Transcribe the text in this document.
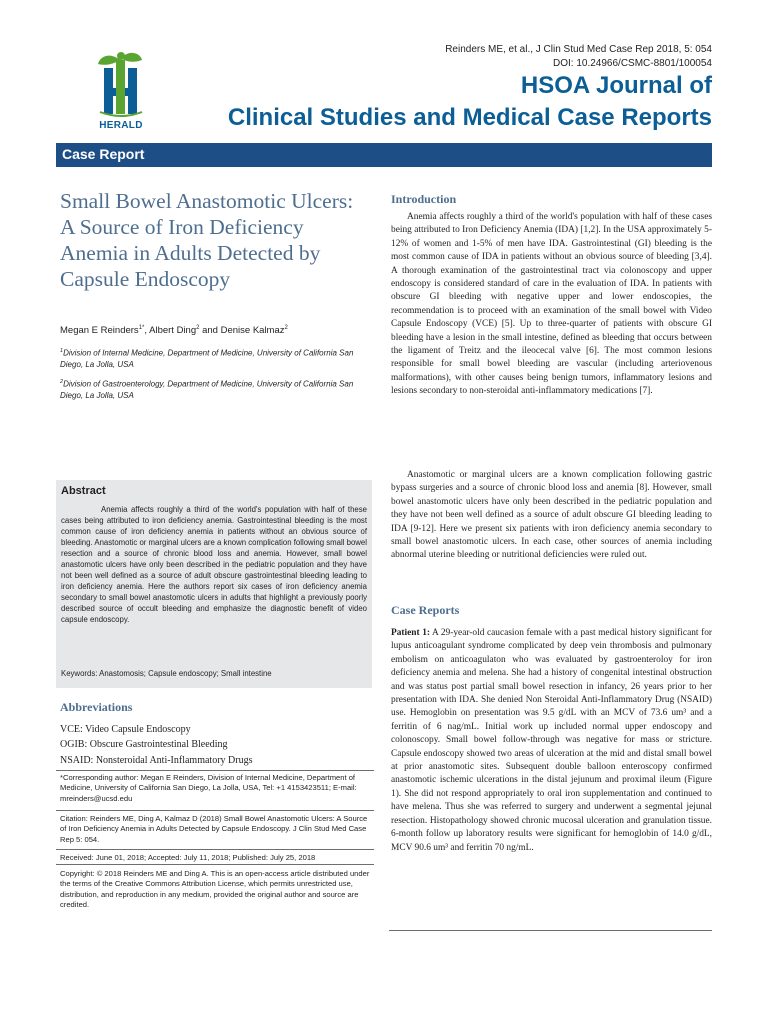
HERALD
Reinders ME, et al., J Clin Stud Med Case Rep 2018, 5: 054
DOI: 10.24966/CSMC-8801/100054
HSOA Journal of
Clinical Studies and Medical Case Reports
Case Report
Small Bowel Anastomotic Ulcers: A Source of Iron Deficiency Anemia in Adults Detected by Capsule Endoscopy
Megan E Reinders$^{1*}$, Albert Ding$^2$ and Denise Kalmaz$^2$
$^1$Division of Internal Medicine, Department of Medicine, University of California San Diego, La Jolla, USA
$^2$Division of Gastroenterology, Department of Medicine, University of California San Diego, La Jolla, USA
Abstract
Anemia affects roughly a third of the world's population with half of these cases being attributed to iron deficiency anemia. Gastrointestinal bleeding is the most common cause of iron deficiency anemia in patients without an obvious source of bleeding. Anastomotic or marginal ulcers are a known complication following small bowel resection and a source of chronic blood loss and anemia. However, small bowel anastomotic ulcers have only been described in the pediatric population and they have not been well defined as a source of adult obscure gastrointestinal bleeding leading to iron deficiency anemia. Here the authors report six cases of iron deficiency anemia secondary to small bowel anastomotic ulcers in adults that highlight a previously poorly described source of occult bleeding and emphasize the diagnostic benefit of video capsule endoscopy.
Keywords: Anastomosis; Capsule endoscopy; Small intestine
Abbreviations
VCE: Video Capsule Endoscopy
OGIB: Obscure Gastrointestinal Bleeding
NSAID: Nonsteroidal Anti-Inflammatory Drugs
*Corresponding author: Megan E Reinders, Division of Internal Medicine, Department of Medicine, University of California San Diego, La Jolla, USA, Tel: +1 4153423511; E-mail: mreinders@ucsd.edu
Citation: Reinders ME, Ding A, Kalmaz D (2018) Small Bowel Anastomotic Ulcers: A Source of Iron Deficiency Anemia in Adults Detected by Capsule Endoscopy. J Clin Stud Med Case Rep 5: 054.
Received: June 01, 2018; Accepted: July 11, 2018; Published: July 25, 2018
Copyright: © 2018 Reinders ME and Ding A. This is an open-access article distributed under the terms of the Creative Commons Attribution License, which permits unrestricted use, distribution, and reproduction in any medium, provided the original author and source are credited.
Introduction
Anemia affects roughly a third of the world's population with half of these cases being attributed to Iron Deficiency Anemia (IDA) [1,2]. In the USA approximately 5-12% of women and 1-5% of men have IDA. Gastrointestinal (GI) bleeding is the most common cause of IDA in patients without an obvious source of bleeding [3,4]. A thorough examination of the gastrointestinal tract via colonoscopy and upper endoscopy is considered standard of care in the evaluation of IDA. In patients with obscure GI bleeding with negative upper and lower endoscopies, the recommendation is to proceed with an examination of the small bowel with Video Capsule Endoscopy (VCE) [5]. Up to three-quarter of patients with obscure GI bleeding have a lesion in the small intestine, defined as bleeding that occurs between the ligament of Treitz and the ileocecal valve [6]. The most common lesions responsible for small bowel bleeding are vascular (including arteriovenous malformations), with other causes being benign tumors, inflammatory lesions and lesions secondary to non-steroidal anti-inflammatory medications [7].
Anastomotic or marginal ulcers are a known complication following gastric bypass surgeries and a source of chronic blood loss and anemia [8]. However, small bowel anastomotic ulcers have only been described in the pediatric population and they have not been well defined as a source of adult obscure GI bleeding leading to IDA [9-12]. Here we present six patients with iron deficiency anemia secondary to small bowel anastomotic ulcers. In each case, other sources of anemia including abnormal uterine bleeding or nutritional deficiencies were ruled out.
Case Reports
Patient 1: A 29-year-old caucasion female with a past medical history significant for lupus anticoagulant syndrome complicated by deep vein thrombosis and pulmonary embolism on anticoagulaton who was evaluated by gastroenteroloy for iron deficiency anemia and melena. She had a history of congenital intestinal obstruction and was status post partial small bowel resection in infancy, 26 years prior to her presentation with IDA. She denied Non Steroidal Anti-Inflammatory Drug (NSAID) use. Hemoglobin on presentation was 9.5 g/dL with an MCV of 73.6 um³ and a ferritin of 6 nag/mL. Initial work up included normal upper endoscopy and colonoscopy. Small bowel follow-through was negative for mass or stricture. Capsule endoscopy showed two areas of ulceration at the mid and distal small bowel at prior anastomotic sites. Subsequent double balloon enteroscopy confirmed anastomotic ischemic ulcerations in the distal jejunum and proximal ileum (Figure 1). She did not respond appropriately to oral iron supplementation and continued to have melena. Thus she was referred to surgery and underwent a segmental jejunal resection. Histopathology showed chronic mucosal ulceration and granulation tissue. 6-month follow up laboratory results were significant for hemoglobin of 14.0 g/dL, MCV 90.6 um³ and ferritin 70 ng/mL.
